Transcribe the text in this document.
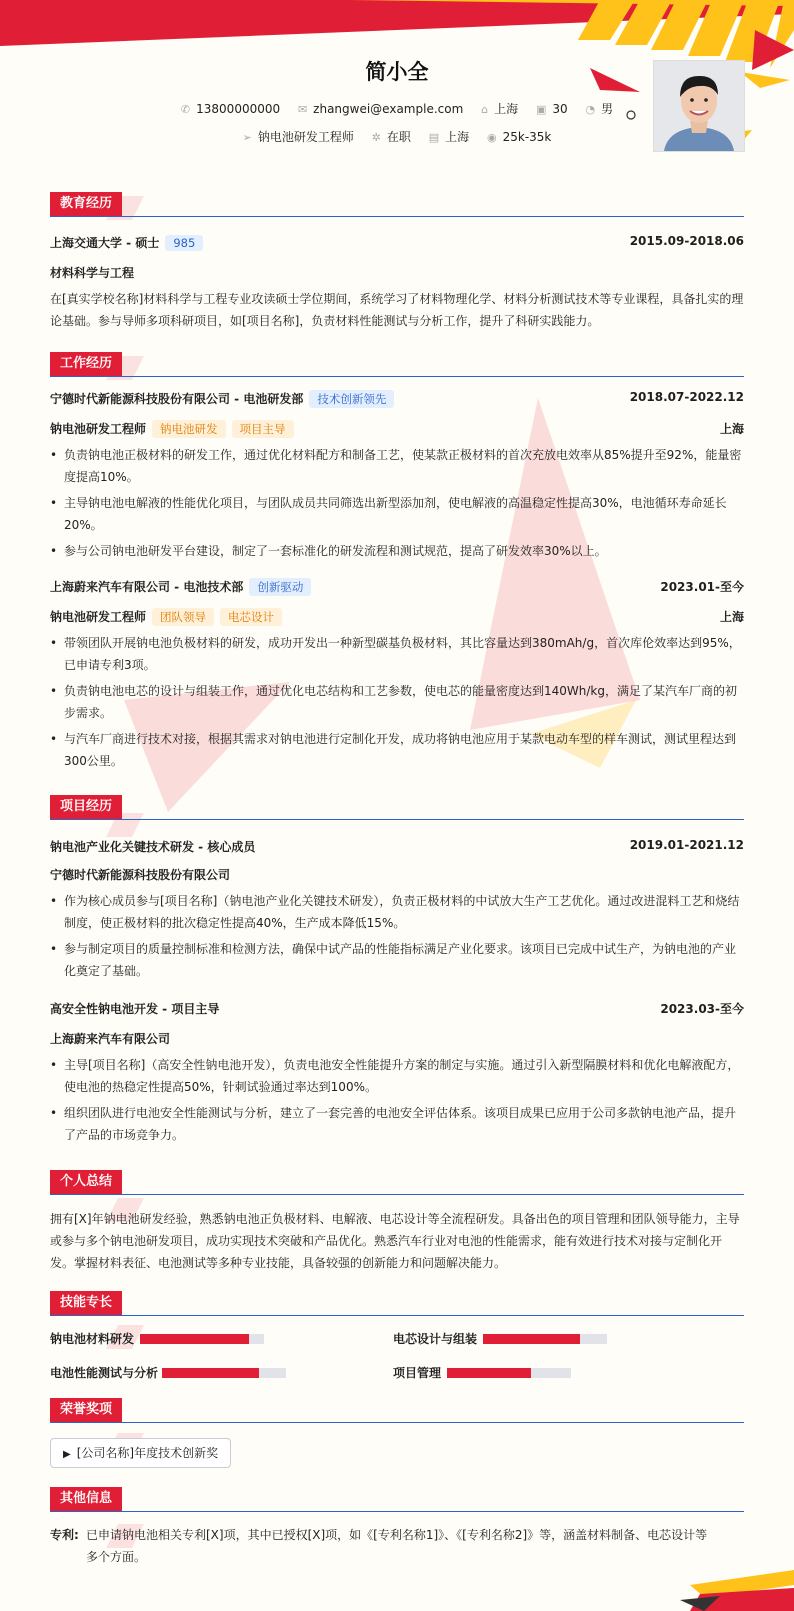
简小全
✆ 13800000000 ✉ zhangwei@example.com ⌂ 上海 ▣ 30 ◔ 男
➢ 钠电池研发工程师 ✲ 在职 ▤ 上海 ◉ 25k-35k
教育经历
上海交通大学 - 硕士 985	2015.09-2018.06
材料科学与工程
在[真实学校名称]材料科学与工程专业攻读硕士学位期间，系统学习了材料物理化学、材料分析测试技术等专业课程，具备扎实的理论基础。参与导师多项科研项目，如[项目名称]，负责材料性能测试与分析工作，提升了科研实践能力。
工作经历
宁德时代新能源科技股份有限公司 - 电池研发部 技术创新领先	2018.07-2022.12
钠电池研发工程师 钠电池研发 项目主导	上海
• 负责钠电池正极材料的研发工作，通过优化材料配方和制备工艺，使某款正极材料的首次充放电效率从85%提升至92%，能量密度提高10%。
• 主导钠电池电解液的性能优化项目，与团队成员共同筛选出新型添加剂，使电解液的高温稳定性提高30%，电池循环寿命延长20%。
• 参与公司钠电池研发平台建设，制定了一套标准化的研发流程和测试规范，提高了研发效率30%以上。
上海蔚来汽车有限公司 - 电池技术部 创新驱动	2023.01-至今
钠电池研发工程师 团队领导 电芯设计	上海
• 带领团队开展钠电池负极材料的研发，成功开发出一种新型碳基负极材料，其比容量达到380mAh/g，首次库伦效率达到95%，已申请专利3项。
• 负责钠电池电芯的设计与组装工作，通过优化电芯结构和工艺参数，使电芯的能量密度达到140Wh/kg，满足了某汽车厂商的初步需求。
• 与汽车厂商进行技术对接，根据其需求对钠电池进行定制化开发，成功将钠电池应用于某款电动车型的样车测试，测试里程达到300公里。
项目经历
钠电池产业化关键技术研发 - 核心成员	2019.01-2021.12
宁德时代新能源科技股份有限公司
• 作为核心成员参与[项目名称]（钠电池产业化关键技术研发），负责正极材料的中试放大生产工艺优化。通过改进混料工艺和烧结制度，使正极材料的批次稳定性提高40%，生产成本降低15%。
• 参与制定项目的质量控制标准和检测方法，确保中试产品的性能指标满足产业化要求。该项目已完成中试生产，为钠电池的产业化奠定了基础。
高安全性钠电池开发 - 项目主导	2023.03-至今
上海蔚来汽车有限公司
• 主导[项目名称]（高安全性钠电池开发），负责电池安全性能提升方案的制定与实施。通过引入新型隔膜材料和优化电解液配方，使电池的热稳定性提高50%，针刺试验通过率达到100%。
• 组织团队进行电池安全性能测试与分析，建立了一套完善的电池安全评估体系。该项目成果已应用于公司多款钠电池产品，提升了产品的市场竞争力。
个人总结
拥有[X]年钠电池研发经验，熟悉钠电池正负极材料、电解液、电芯设计等全流程研发。具备出色的项目管理和团队领导能力，主导或参与多个钠电池研发项目，成功实现技术突破和产品优化。熟悉汽车行业对电池的性能需求，能有效进行技术对接与定制化开发。掌握材料表征、电池测试等多种专业技能，具备较强的创新能力和问题解决能力。
技能专长
钠电池材料研发	电芯设计与组装
电池性能测试与分析	项目管理
荣誉奖项
▶ [公司名称]年度技术创新奖
其他信息
专利: 已申请钠电池相关专利[X]项，其中已授权[X]项，如《[专利名称1]》、《[专利名称2]》等，涵盖材料制备、电芯设计等多个方面。
